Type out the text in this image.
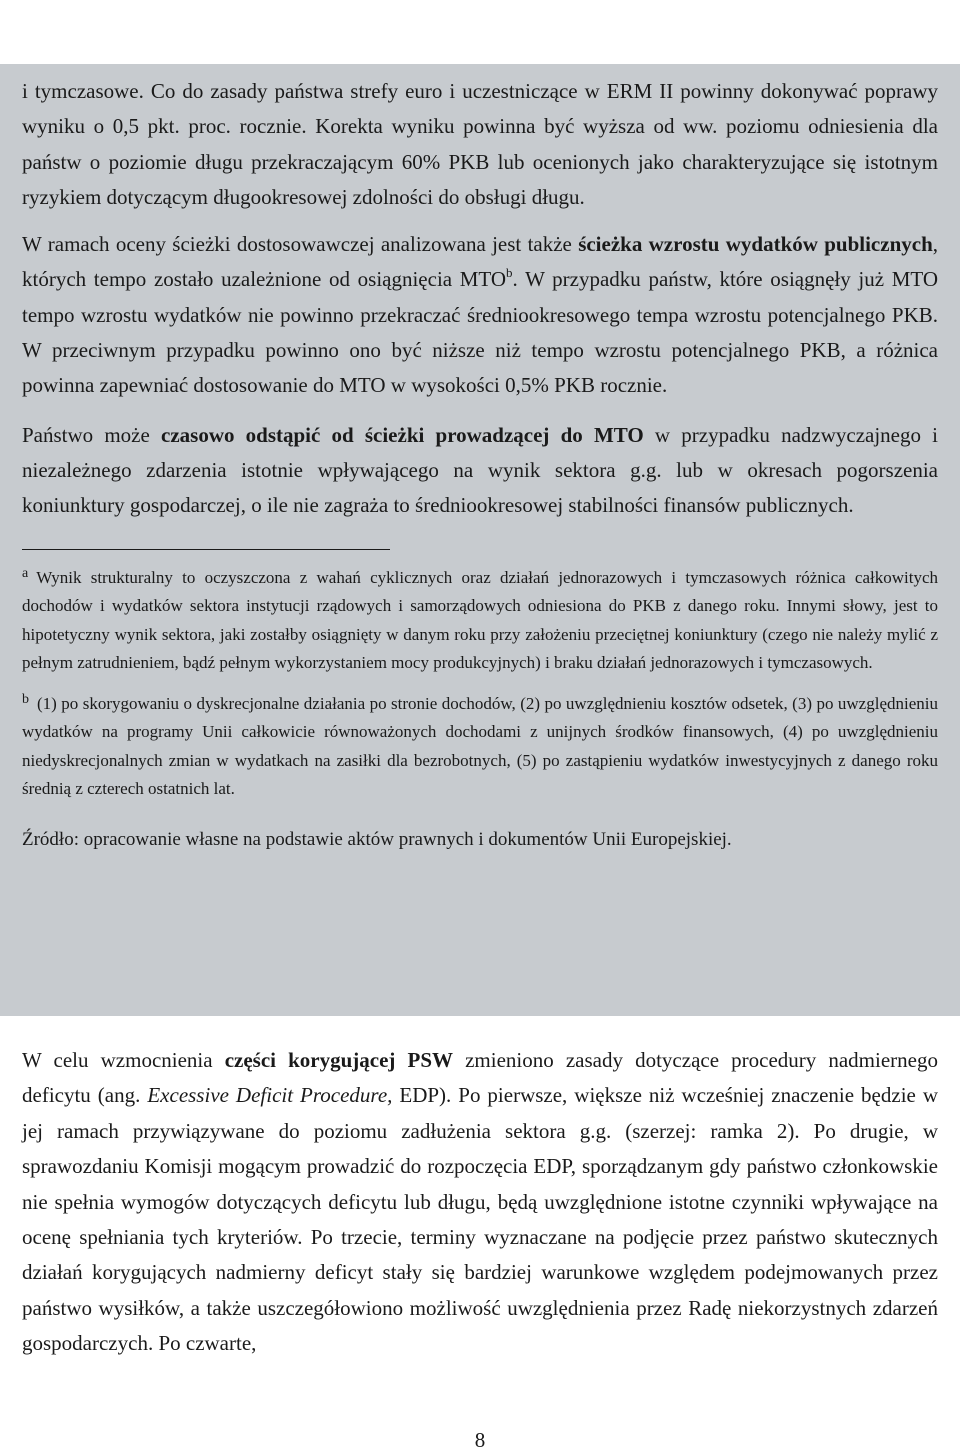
i tymczasowe. Co do zasady państwa strefy euro i uczestniczące w ERM II powinny dokonywać poprawy wyniku o 0,5 pkt. proc. rocznie. Korekta wyniku powinna być wyższa od ww. poziomu odniesienia dla państw o poziomie długu przekraczającym 60% PKB lub ocenionych jako charakteryzujące się istotnym ryzykiem dotyczącym długookresowej zdolności do obsługi długu.

W ramach oceny ścieżki dostosowawczej analizowana jest także ścieżka wzrostu wydatków publicznych, których tempo zostało uzależnione od osiągnięcia MTO$^b$. W przypadku państw, które osiągnęły już MTO tempo wzrostu wydatków nie powinno przekraczać średniookresowego tempa wzrostu potencjalnego PKB. W przeciwnym przypadku powinno ono być niższe niż tempo wzrostu potencjalnego PKB, a różnica powinna zapewniać dostosowanie do MTO w wysokości 0,5% PKB rocznie.

Państwo może czasowo odstąpić od ścieżki prowadzącej do MTO w przypadku nadzwyczajnego i niezależnego zdarzenia istotnie wpływającego na wynik sektora g.g. lub w okresach pogorszenia koniunktury gospodarczej, o ile nie zagraża to średniookresowej stabilności finansów publicznych.

$^a$ Wynik strukturalny to oczyszczona z wahań cyklicznych oraz działań jednorazowych i tymczasowych różnica całkowitych dochodów i wydatków sektora instytucji rządowych i samorządowych odniesiona do PKB z danego roku. Innymi słowy, jest to hipotetyczny wynik sektora, jaki zostałby osiągnięty w danym roku przy założeniu przeciętnej koniunktury (czego nie należy mylić z pełnym zatrudnieniem, bądź pełnym wykorzystaniem mocy produkcyjnych) i braku działań jednorazowych i tymczasowych.

$^b$ (1) po skorygowaniu o dyskrecjonalne działania po stronie dochodów, (2) po uwzględnieniu kosztów odsetek, (3) po uwzględnieniu wydatków na programy Unii całkowicie równoważonych dochodami z unijnych środków finansowych, (4) po uwzględnieniu niedyskrecjonalnych zmian w wydatkach na zasiłki dla bezrobotnych, (5) po zastąpieniu wydatków inwestycyjnych z danego roku średnią z czterech ostatnich lat.

Źródło: opracowanie własne na podstawie aktów prawnych i dokumentów Unii Europejskiej.

W celu wzmocnienia części korygującej PSW zmieniono zasady dotyczące procedury nadmiernego deficytu (ang. Excessive Deficit Procedure, EDP). Po pierwsze, większe niż wcześniej znaczenie będzie w jej ramach przywiązywane do poziomu zadłużenia sektora g.g. (szerzej: ramka 2). Po drugie, w sprawozdaniu Komisji mogącym prowadzić do rozpoczęcia EDP, sporządzanym gdy państwo członkowskie nie spełnia wymogów dotyczących deficytu lub długu, będą uwzględnione istotne czynniki wpływające na ocenę spełniania tych kryteriów. Po trzecie, terminy wyznaczane na podjęcie przez państwo skutecznych działań korygujących nadmierny deficyt stały się bardziej warunkowe względem podejmowanych przez państwo wysiłków, a także uszczegółowiono możliwość uwzględnienia przez Radę niekorzystnych zdarzeń gospodarczych. Po czwarte,

8
